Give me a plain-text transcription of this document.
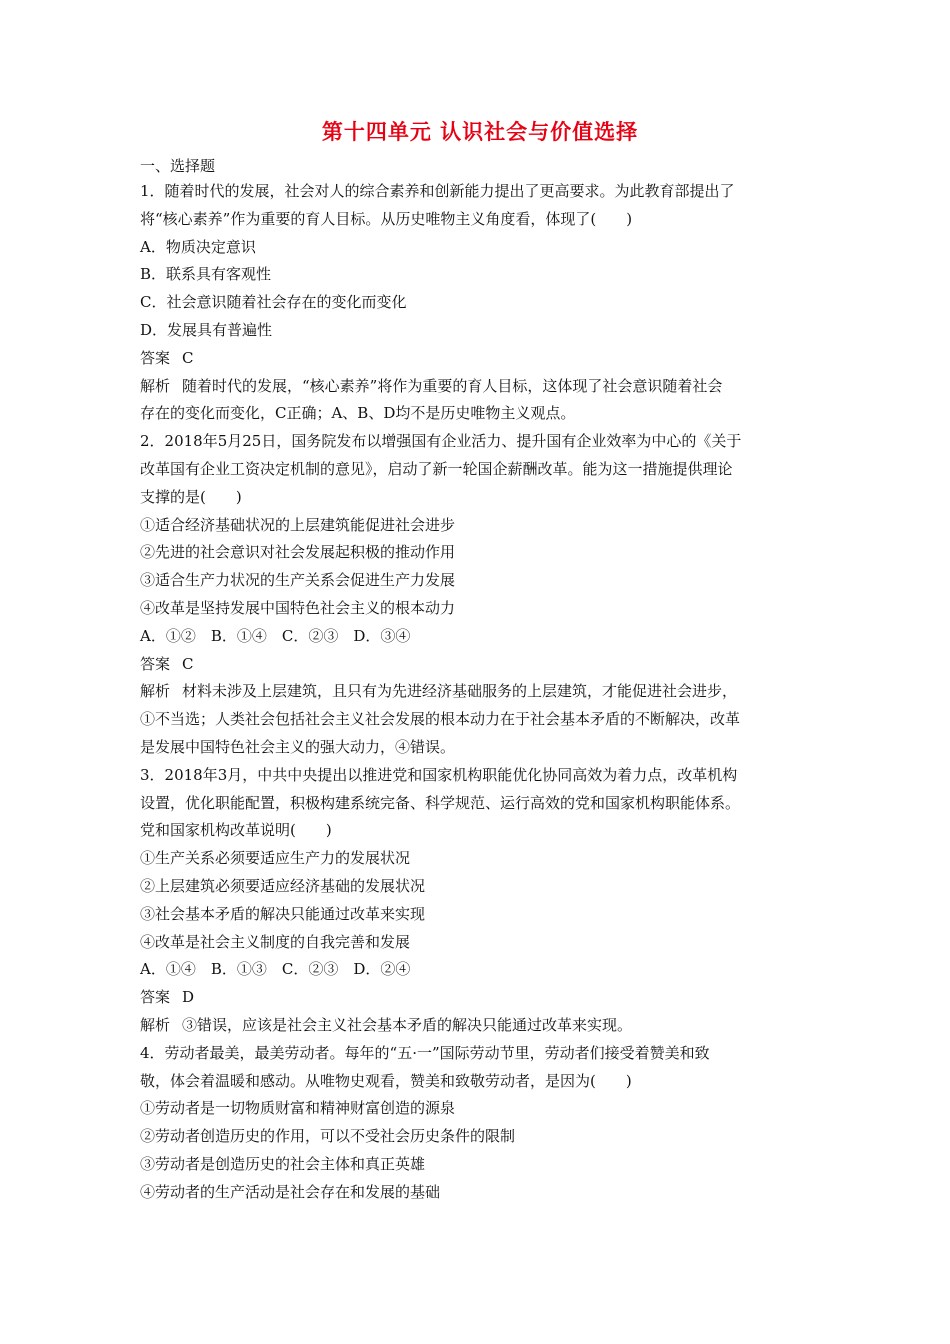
第十四单元 认识社会与价值选择
一、选择题
1．随着时代的发展，社会对人的综合素养和创新能力提出了更高要求。为此教育部提出了
将“核心素养”作为重要的育人目标。从历史唯物主义角度看，体现了(　　)
A．物质决定意识
B．联系具有客观性
C．社会意识随着社会存在的变化而变化
D．发展具有普遍性
答案 C
解析 随着时代的发展，“核心素养”将作为重要的育人目标，这体现了社会意识随着社会
存在的变化而变化，C正确；A、B、D均不是历史唯物主义观点。
2．2018年5月25日，国务院发布以增强国有企业活力、提升国有企业效率为中心的《关于
改革国有企业工资决定机制的意见》，启动了新一轮国企薪酬改革。能为这一措施提供理论
支撑的是(　　)
①适合经济基础状况的上层建筑能促进社会进步
②先进的社会意识对社会发展起积极的推动作用
③适合生产力状况的生产关系会促进生产力发展
④改革是坚持发展中国特色社会主义的根本动力
A．①②　B．①④　C．②③　D．③④
答案 C
解析 材料未涉及上层建筑，且只有为先进经济基础服务的上层建筑，才能促进社会进步，
①不当选；人类社会包括社会主义社会发展的根本动力在于社会基本矛盾的不断解决，改革
是发展中国特色社会主义的强大动力，④错误。
3．2018年3月，中共中央提出以推进党和国家机构职能优化协同高效为着力点，改革机构
设置，优化职能配置，积极构建系统完备、科学规范、运行高效的党和国家机构职能体系。
党和国家机构改革说明(　　)
①生产关系必须要适应生产力的发展状况
②上层建筑必须要适应经济基础的发展状况
③社会基本矛盾的解决只能通过改革来实现
④改革是社会主义制度的自我完善和发展
A．①④　B．①③　C．②③　D．②④
答案 D
解析 ③错误，应该是社会主义社会基本矛盾的解决只能通过改革来实现。
4．劳动者最美，最美劳动者。每年的“五·一”国际劳动节里，劳动者们接受着赞美和致
敬，体会着温暖和感动。从唯物史观看，赞美和致敬劳动者，是因为(　　)
①劳动者是一切物质财富和精神财富创造的源泉
②劳动者创造历史的作用，可以不受社会历史条件的限制
③劳动者是创造历史的社会主体和真正英雄
④劳动者的生产活动是社会存在和发展的基础
